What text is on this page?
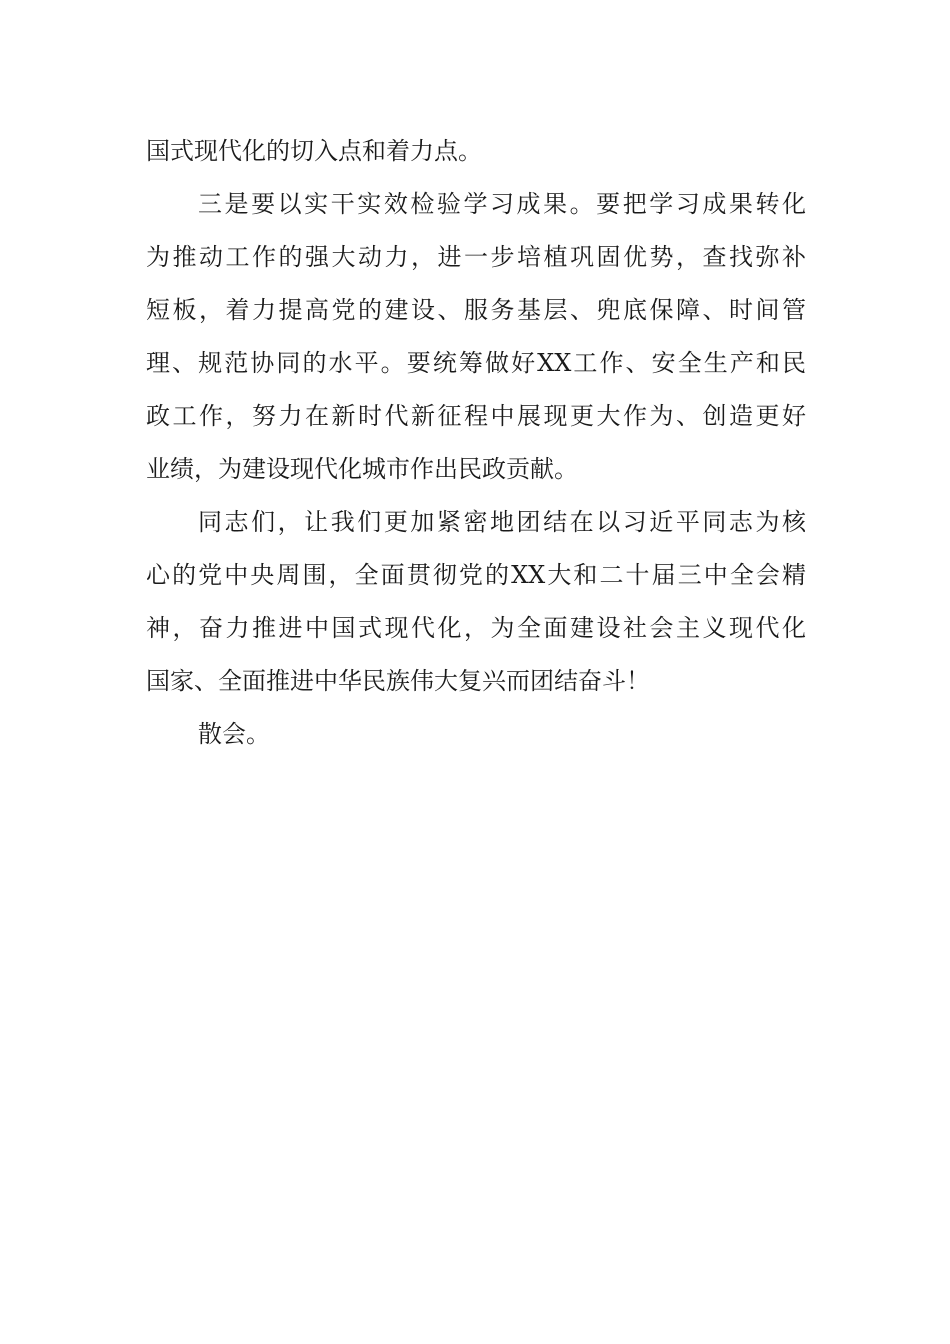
国式现代化的切入点和着力点。
三是要以实干实效检验学习成果。要把学习成果转化
为推动工作的强大动力，进一步培植巩固优势，查找弥补
短板，着力提高党的建设、服务基层、兜底保障、时间管
理、规范协同的水平。要统筹做好XX工作、安全生产和民
政工作，努力在新时代新征程中展现更大作为、创造更好
业绩，为建设现代化城市作出民政贡献。
同志们，让我们更加紧密地团结在以习近平同志为核
心的党中央周围，全面贯彻党的XX大和二十届三中全会精
神，奋力推进中国式现代化，为全面建设社会主义现代化
国家、全面推进中华民族伟大复兴而团结奋斗！
散会。
